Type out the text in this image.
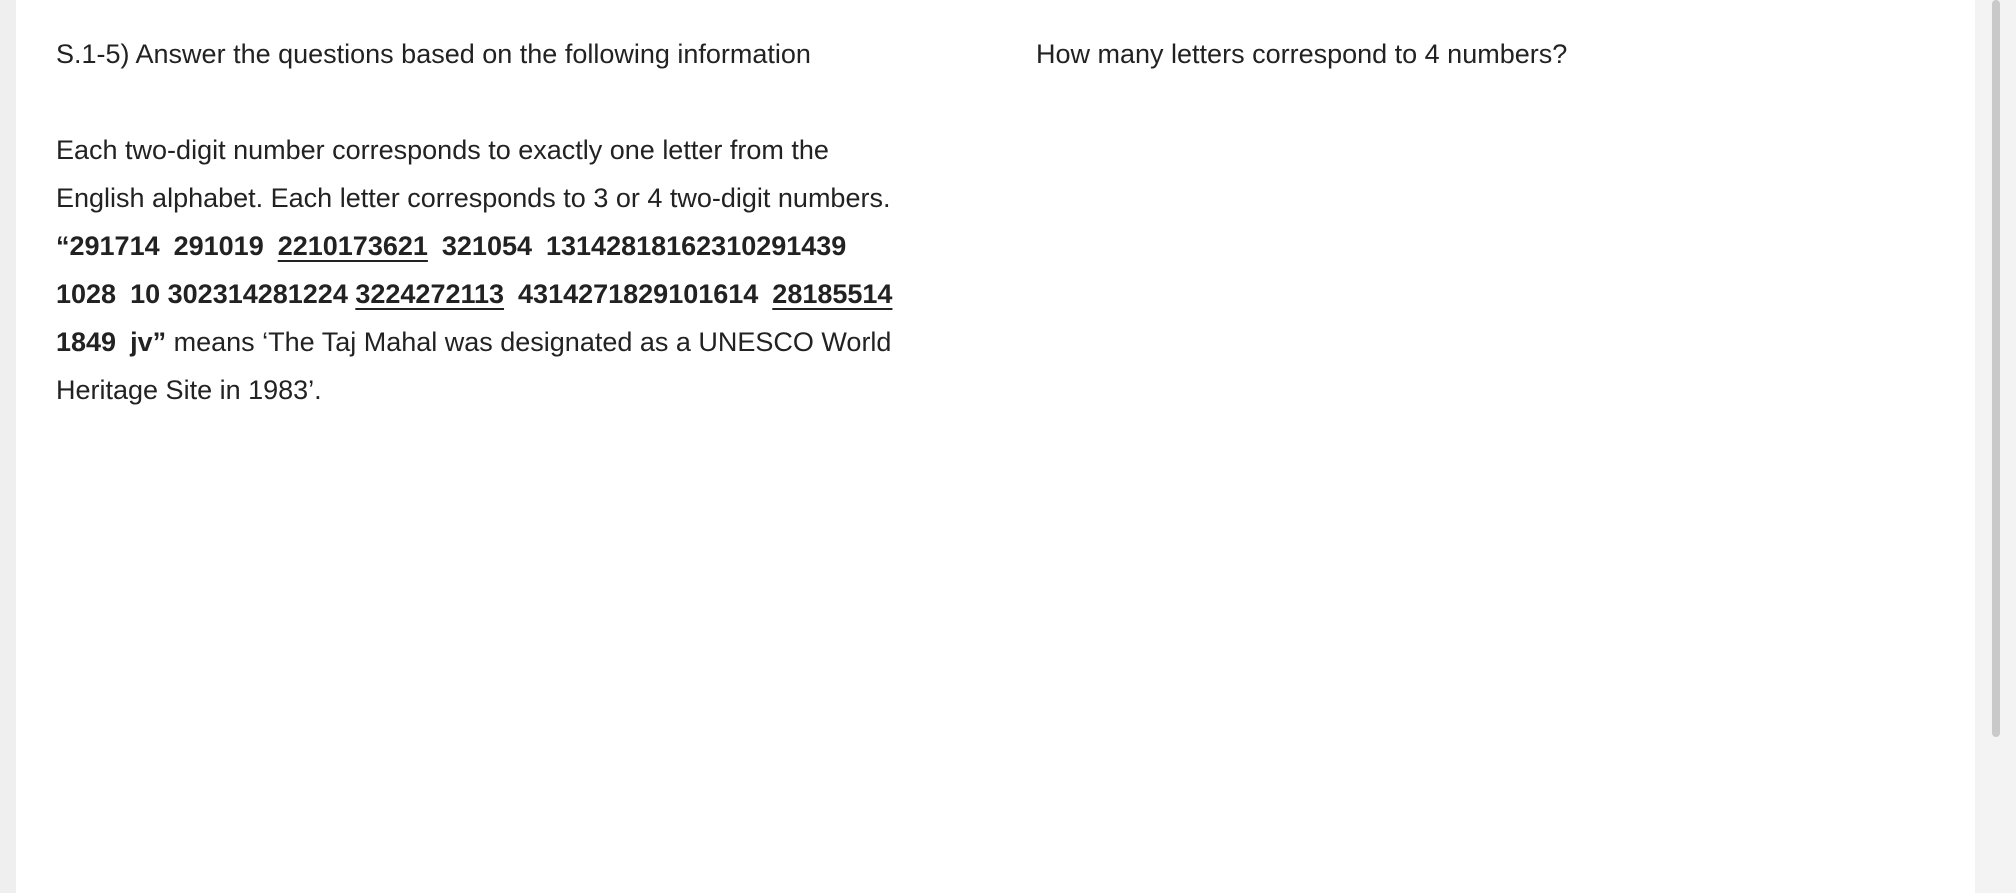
S.1-5) Answer the questions based on the following information
Each two-digit number corresponds to exactly one letter from the
English alphabet. Each letter corresponds to 3 or 4 two-digit numbers.
“291714 291019 2210173621 321054 13142818162310291439
1028 10 302314281224 3224272113 4314271829101614 28185514
1849 jv” means ‘The Taj Mahal was designated as a UNESCO World
Heritage Site in 1983’.
How many letters correspond to 4 numbers?
